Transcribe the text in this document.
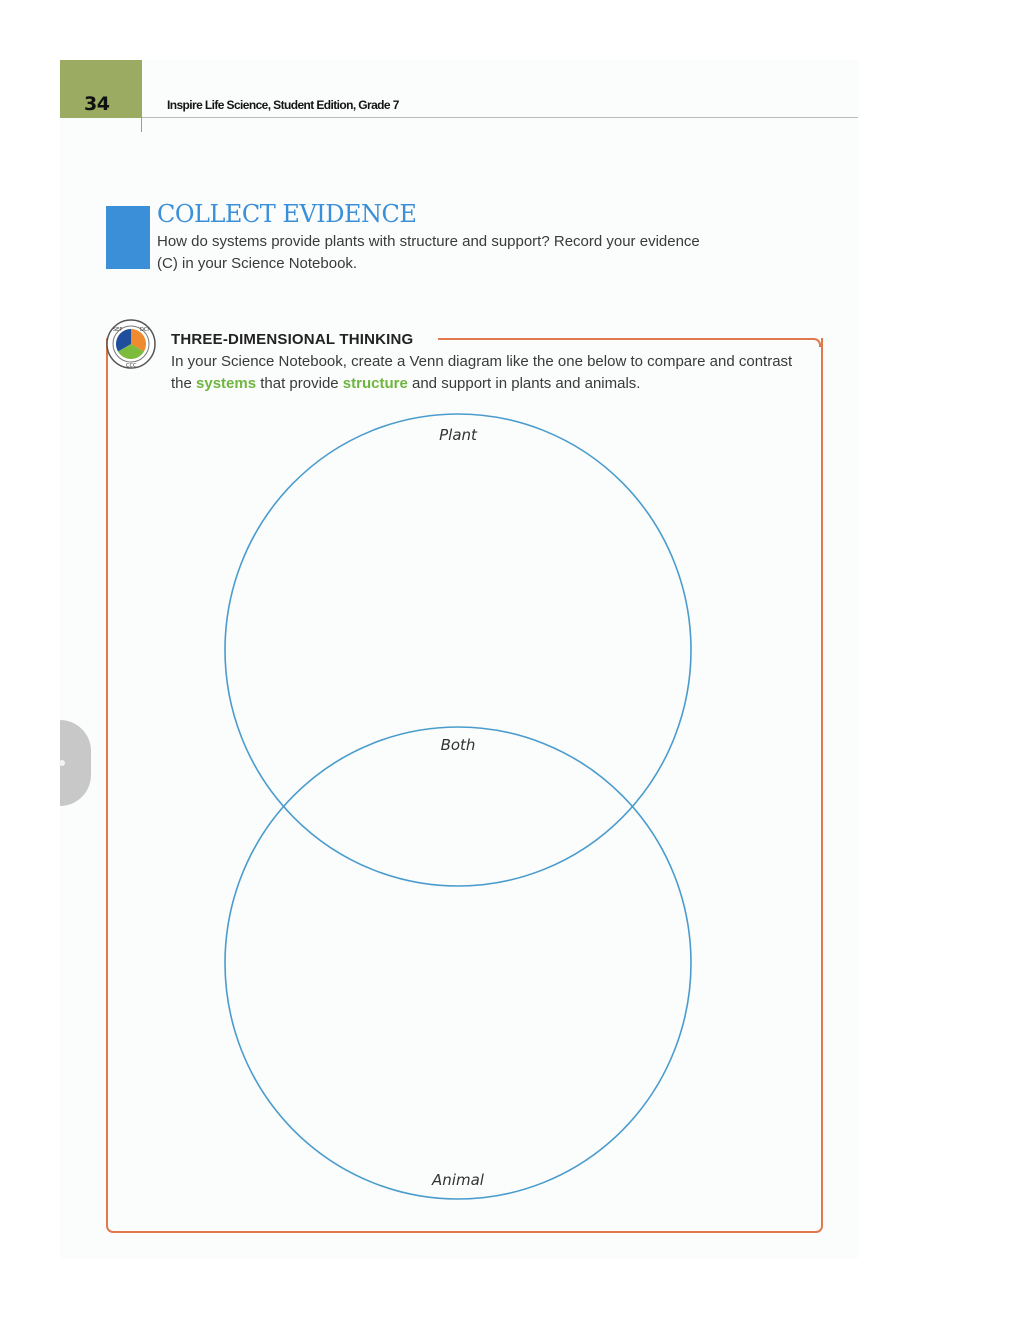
34	Inspire Life Science, Student Edition, Grade 7
COLLECT EVIDENCE
How do systems provide plants with structure and support? Record your evidence (C) in your Science Notebook.
SEP	DCI
CCC
THREE-DIMENSIONAL THINKING
In your Science Notebook, create a Venn diagram like the one below to compare and contrast the systems that provide structure and support in plants and animals.
Plant
Both
Animal
